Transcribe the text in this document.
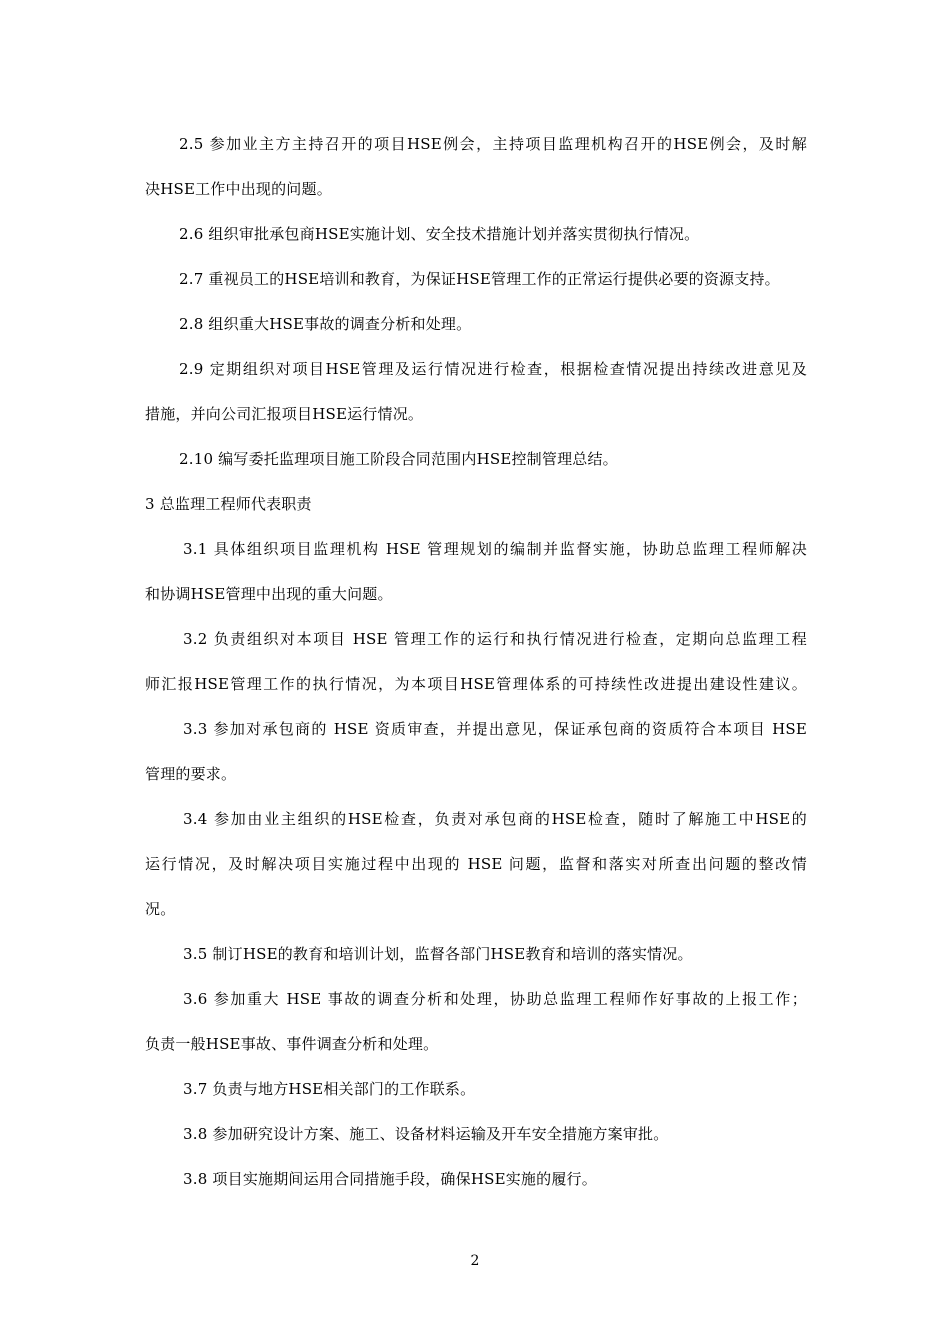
2.5 参加业主方主持召开的项目HSE例会，主持项目监理机构召开的HSE例会，及时解
决HSE工作中出现的问题。
2.6 组织审批承包商HSE实施计划、安全技术措施计划并落实贯彻执行情况。
2.7 重视员工的HSE培训和教育，为保证HSE管理工作的正常运行提供必要的资源支持。
2.8 组织重大HSE事故的调查分析和处理。
2.9 定期组织对项目HSE管理及运行情况进行检查，根据检查情况提出持续改进意见及
措施，并向公司汇报项目HSE运行情况。
2.10 编写委托监理项目施工阶段合同范围内HSE控制管理总结。
3 总监理工程师代表职责
3.1 具体组织项目监理机构 HSE 管理规划的编制并监督实施，协助总监理工程师解决
和协调HSE管理中出现的重大问题。
3.2 负责组织对本项目 HSE 管理工作的运行和执行情况进行检查，定期向总监理工程
师汇报HSE管理工作的执行情况，为本项目HSE管理体系的可持续性改进提出建设性建议。
3.3 参加对承包商的 HSE 资质审查，并提出意见，保证承包商的资质符合本项目 HSE
管理的要求。
3.4 参加由业主组织的HSE检查，负责对承包商的HSE检查，随时了解施工中HSE的
运行情况，及时解决项目实施过程中出现的 HSE 问题，监督和落实对所查出问题的整改情
况。
3.5 制订HSE的教育和培训计划，监督各部门HSE教育和培训的落实情况。
3.6 参加重大 HSE 事故的调查分析和处理，协助总监理工程师作好事故的上报工作；
负责一般HSE事故、事件调查分析和处理。
3.7 负责与地方HSE相关部门的工作联系。
3.8 参加研究设计方案、施工、设备材料运输及开车安全措施方案审批。
3.8 项目实施期间运用合同措施手段，确保HSE实施的履行。
2
